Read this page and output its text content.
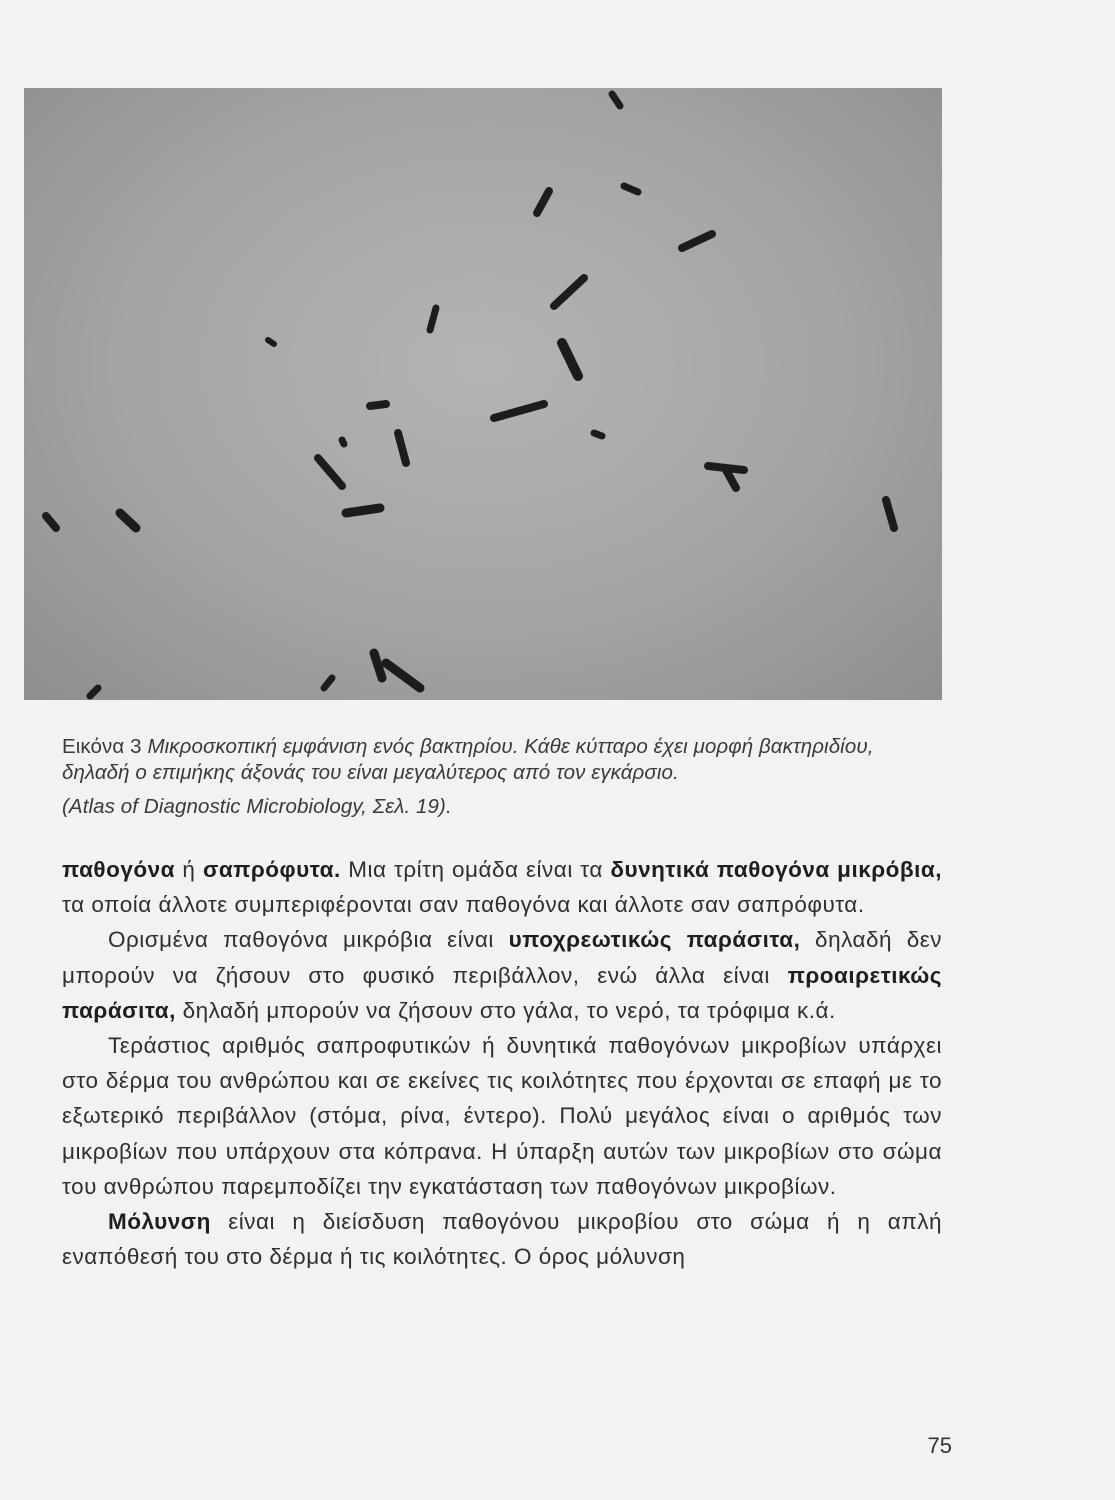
Εικόνα 3 Μικροσκοπική εμφάνιση ενός βακτηρίου. Κάθε κύτταρο έχει μορφή βακτηριδίου, δηλαδή ο επιμήκης άξονάς του είναι μεγαλύτερος από τον εγκάρσιο.

(Atlas of Diagnostic Microbiology, Σελ. 19).

παθογόνα ή σαπρόφυτα. Μια τρίτη ομάδα είναι τα δυνητικά παθογόνα μικρόβια, τα οποία άλλοτε συμπεριφέρονται σαν παθογόνα και άλλοτε σαν σαπρόφυτα.

Ορισμένα παθογόνα μικρόβια είναι υποχρεωτικώς παράσιτα, δηλαδή δεν μπορούν να ζήσουν στο φυσικό περιβάλλον, ενώ άλλα είναι προαιρετικώς παράσιτα, δηλαδή μπορούν να ζήσουν στο γάλα, το νερό, τα τρόφιμα κ.ά.

Τεράστιος αριθμός σαπροφυτικών ή δυνητικά παθογόνων μικροβίων υπάρχει στο δέρμα του ανθρώπου και σε εκείνες τις κοιλότητες που έρχονται σε επαφή με το εξωτερικό περιβάλλον (στόμα, ρίνα, έντερο). Πολύ μεγάλος είναι ο αριθμός των μικροβίων που υπάρχουν στα κόπρανα. Η ύπαρξη αυτών των μικροβίων στο σώμα του ανθρώπου παρεμποδίζει την εγκατάσταση των παθογόνων μικροβίων.

Μόλυνση είναι η διείσδυση παθογόνου μικροβίου στο σώμα ή η απλή εναπόθεσή του στο δέρμα ή τις κοιλότητες. Ο όρος μόλυνση

75
